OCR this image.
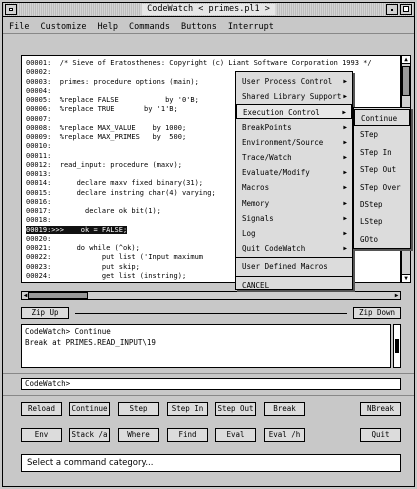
CodeWatch < primes.pl1 >
File	Customize	Help	Commands	Buttons	Interrupt
00001: /* Sieve of Eratosthenes: Copyright (c) Liant Software Corporation 1993 */
00002:
00003: primes: procedure options (main);
00004:
00005: %replace FALSE           by '0'B;
00006: %replace TRUE       by '1'B;
00007:
00008: %replace MAX_VALUE    by 1000;
00009: %replace MAX_PRIMES   by  500;
00010:
00011:
00012: read_input: procedure (maxv);
00013:
00014:      declare maxv fixed binary(31);
00015:      declare instring char(4) varying;
00016:
00017:        declare ok bit(1);
00018:
00019:>>>    ok = FALSE;
00020:
00021:      do while (^ok);
00022:            put list ('Input maximum
00023:            put skip;
00024:            get list (instring);
▲
▼
◀	▶
Zip Up	Zip Down
CodeWatch> Continue
Break at PRIMES.READ_INPUT\19
CodeWatch>
Reload	Continue	Step	Step In	Step Out	Break	NBreak
Env	Stack /a	Where	Find	Eval	Eval /h	Quit
Select a command category...
User Process Control ▶
Shared Library Support ▶
Execution Control	▶
BreakPoints	▶
Environment/Source	▶
Trace/Watch	▶
Evaluate/Modify	▶
Macros	▶
Memory	▶
Signals	▶
Log	▶
Quit CodeWatch	▶
User Defined Macros
CANCEL
Continue
STep
STep In
STep Out
STep Over
DStep
LStep
GOto
